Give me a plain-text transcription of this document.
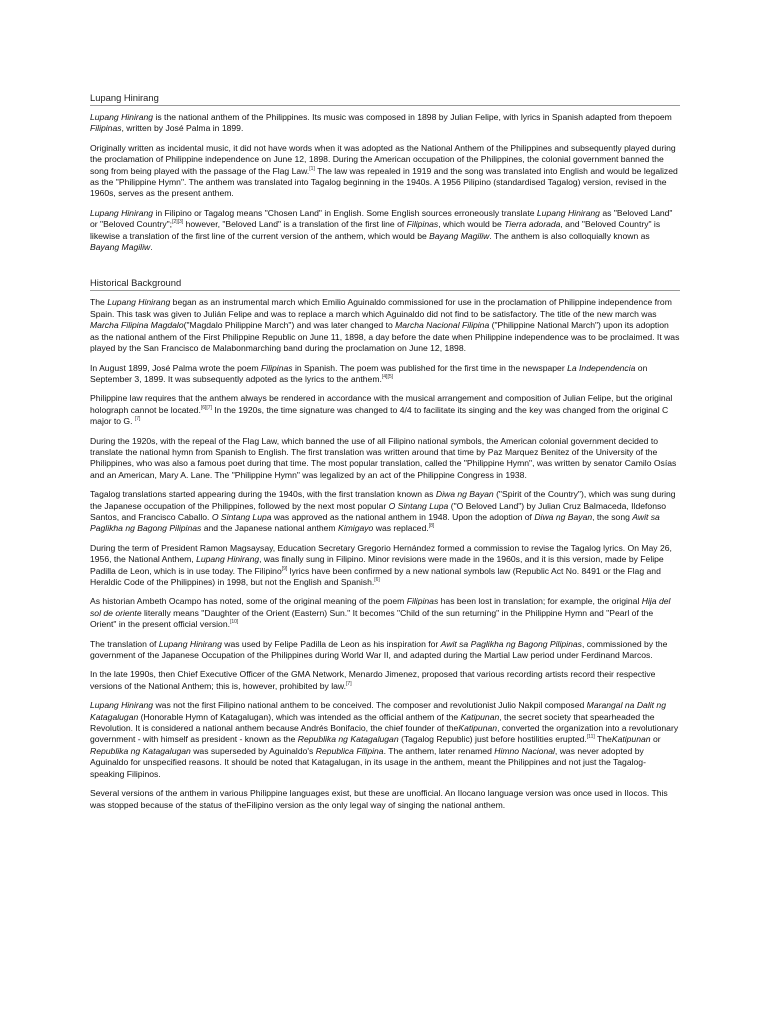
Lupang Hinirang

Lupang Hinirang is the national anthem of the Philippines. Its music was composed in 1898 by Julian Felipe, with lyrics in Spanish adapted from thepoem Filipinas, written by José Palma in 1899.

Originally written as incidental music, it did not have words when it was adopted as the National Anthem of the Philippines and subsequently played during the proclamation of Philippine independence on June 12, 1898. During the American occupation of the Philippines, the colonial government banned the song from being played with the passage of the Flag Law.[1] The law was repealed in 1919 and the song was translated into English and would be legalized as the "Philippine Hymn". The anthem was translated into Tagalog beginning in the 1940s. A 1956 Pilipino (standardised Tagalog) version, revised in the 1960s, serves as the present anthem.

Lupang Hinirang in Filipino or Tagalog means "Chosen Land" in English. Some English sources erroneously translate Lupang Hinirang as "Beloved Land" or "Beloved Country";[2][3] however, "Beloved Land" is a translation of the first line of Filipinas, which would be Tierra adorada, and "Beloved Country" is likewise a translation of the first line of the current version of the anthem, which would be Bayang Magiliw. The anthem is also colloquially known as Bayang Magiliw.

Historical Background

The Lupang Hinirang began as an instrumental march which Emilio Aguinaldo commissioned for use in the proclamation of Philippine independence from Spain. This task was given to Julián Felipe and was to replace a march which Aguinaldo did not find to be satisfactory. The title of the new march was Marcha Filipina Magdalo("Magdalo Philippine March") and was later changed to Marcha Nacional Filipina ("Philippine National March") upon its adoption as the national anthem of the First Philippine Republic on June 11, 1898, a day before the date when Philippine independence was to be proclaimed. It was played by the San Francisco de Malabonmarching band during the proclamation on June 12, 1898.

In August 1899, José Palma wrote the poem Filipinas in Spanish. The poem was published for the first time in the newspaper La Independencia on September 3, 1899. It was subsequently adpoted as the lyrics to the anthem.[4][5]

Philippine law requires that the anthem always be rendered in accordance with the musical arrangement and composition of Julian Felipe, but the original holograph cannot be located.[6][7] In the 1920s, the time signature was changed to 4/4 to facilitate its singing and the key was changed from the original C major to G. [7]

During the 1920s, with the repeal of the Flag Law, which banned the use of all Filipino national symbols, the American colonial government decided to translate the national hymn from Spanish to English. The first translation was written around that time by Paz Marquez Benitez of the University of the Philippines, who was also a famous poet during that time. The most popular translation, called the "Philippine Hymn", was written by senator Camilo Osías and an American, Mary A. Lane. The "Philippine Hymn" was legalized by an act of the Philippine Congress in 1938.

Tagalog translations started appearing during the 1940s, with the first translation known as Diwa ng Bayan ("Spirit of the Country"), which was sung during the Japanese occupation of the Philippines, followed by the next most popular O Sintang Lupa ("O Beloved Land") by Julian Cruz Balmaceda, Ildefonso Santos, and Francisco Caballo. O Sintang Lupa was approved as the national anthem in 1948. Upon the adoption of Diwa ng Bayan, the song Awit sa Paglikha ng Bagong Pilipinas and the Japanese national anthem Kimigayo was replaced.[8]

During the term of President Ramon Magsaysay, Education Secretary Gregorio Hernández formed a commission to revise the Tagalog lyrics. On May 26, 1956, the National Anthem, Lupang Hinirang, was finally sung in Filipino. Minor revisions were made in the 1960s, and it is this version, made by Felipe Padilla de Leon, which is in use today. The Filipino[9] lyrics have been confirmed by a new national symbols law (Republic Act No. 8491 or the Flag and Heraldic Code of the Philippines) in 1998, but not the English and Spanish.[6]

As historian Ambeth Ocampo has noted, some of the original meaning of the poem Filipinas has been lost in translation; for example, the original Hija del sol de oriente literally means "Daughter of the Orient (Eastern) Sun." It becomes "Child of the sun returning" in the Philippine Hymn and "Pearl of the Orient" in the present official version.[10]

The translation of Lupang Hinirang was used by Felipe Padilla de Leon as his inspiration for Awit sa Paglikha ng Bagong Pilipinas, commissioned by the government of the Japanese Occupation of the Philippines during World War II, and adapted during the Martial Law period under Ferdinand Marcos.

In the late 1990s, then Chief Executive Officer of the GMA Network, Menardo Jimenez, proposed that various recording artists record their respective versions of the National Anthem; this is, however, prohibited by law.[7]

Lupang Hinirang was not the first Filipino national anthem to be conceived. The composer and revolutionist Julio Nakpil composed Marangal na Dalit ng Katagalugan (Honorable Hymn of Katagalugan), which was intended as the official anthem of the Katipunan, the secret society that spearheaded the Revolution. It is considered a national anthem because Andrés Bonifacio, the chief founder of theKatipunan, converted the organization into a revolutionary government - with himself as president - known as the Republika ng Katagalugan (Tagalog Republic) just before hostilities erupted.[11] TheKatipunan or Republika ng Katagalugan was superseded by Aguinaldo's Republica Filipina. The anthem, later renamed Himno Nacional, was never adopted by Aguinaldo for unspecified reasons. It should be noted that Katagalugan, in its usage in the anthem, meant the Philippines and not just the Tagalog-speaking Filipinos.

Several versions of the anthem in various Philippine languages exist, but these are unofficial. An Ilocano language version was once used in Ilocos. This was stopped because of the status of theFilipino version as the only legal way of singing the national anthem.
